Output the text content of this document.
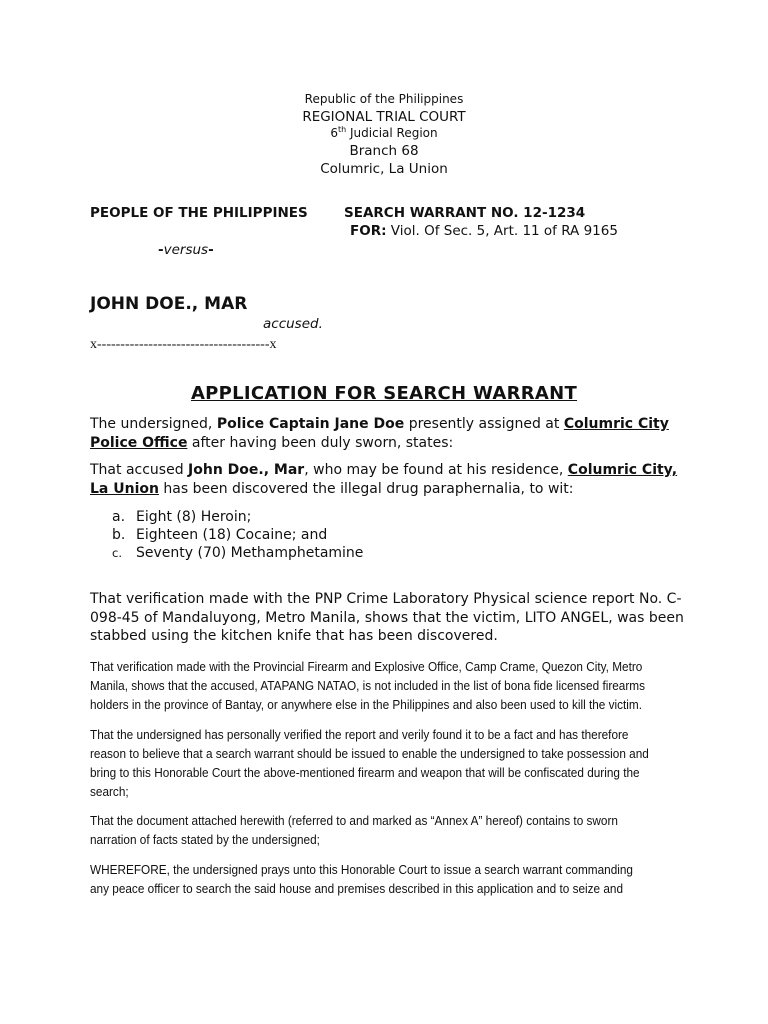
Republic of the Philippines
REGIONAL TRIAL COURT
6th Judicial Region
Branch 68
Columric, La Union
PEOPLE OF THE PHILIPPINES	SEARCH WARRANT NO. 12-1234
FOR: Viol. Of Sec. 5, Art. 11 of RA 9165
-versus-
JOHN DOE., MAR
accused.
x-------------------------------------x
APPLICATION FOR SEARCH WARRANT
The undersigned, Police Captain Jane Doe presently assigned at Columric City
Police Office after having been duly sworn, states:
That accused John Doe., Mar, who may be found at his residence, Columric City,
La Union has been discovered the illegal drug paraphernalia, to wit:
a. Eight (8) Heroin;
b. Eighteen (18) Cocaine; and
c. Seventy (70) Methamphetamine
That verification made with the PNP Crime Laboratory Physical science report No. C-
098-45 of Mandaluyong, Metro Manila, shows that the victim, LITO ANGEL, was been
stabbed using the kitchen knife that has been discovered.
That verification made with the Provincial Firearm and Explosive Office, Camp Crame, Quezon City, Metro
Manila, shows that the accused, ATAPANG NATAO, is not included in the list of bona fide licensed firearms
holders in the province of Bantay, or anywhere else in the Philippines and also been used to kill the victim.
That the undersigned has personally verified the report and verily found it to be a fact and has therefore
reason to believe that a search warrant should be issued to enable the undersigned to take possession and
bring to this Honorable Court the above-mentioned firearm and weapon that will be confiscated during the
search;
That the document attached herewith (referred to and marked as “Annex A” hereof) contains to sworn
narration of facts stated by the undersigned;
WHEREFORE, the undersigned prays unto this Honorable Court to issue a search warrant commanding
any peace officer to search the said house and premises described in this application and to seize and
